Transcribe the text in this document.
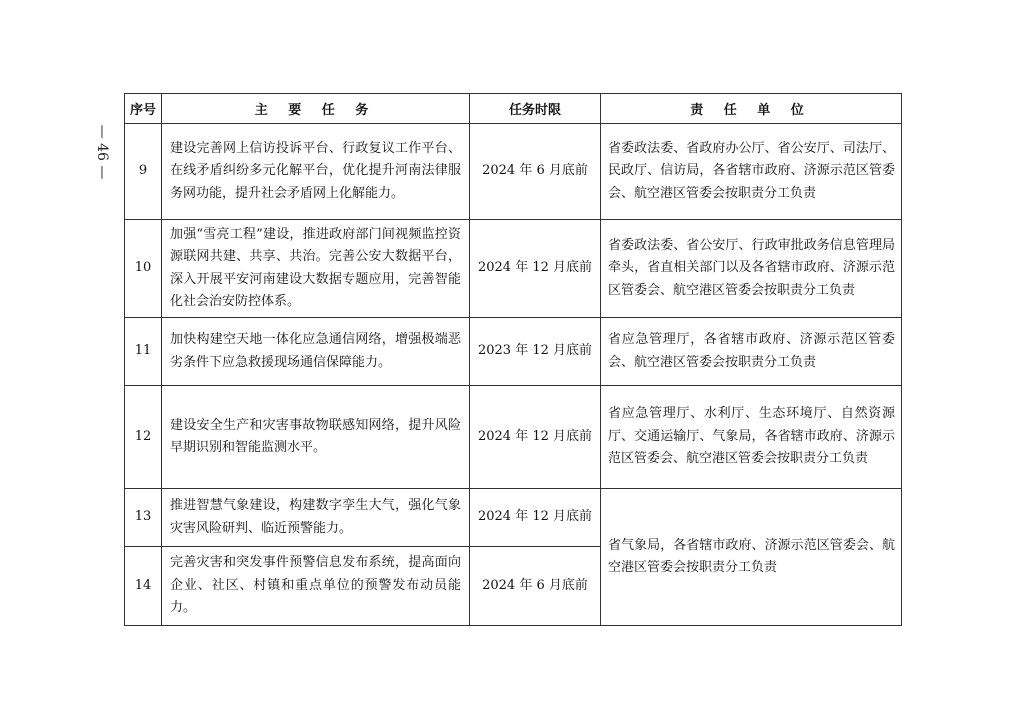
— 46 —
序号	主 要 任 务	任务时限	责 任 单 位
9	建设完善网上信访投诉平台、行政复议工作平台、在线矛盾纠纷多元化解平台，优化提升河南法律服务网功能，提升社会矛盾网上化解能力。	2024 年 6 月底前	省委政法委、省政府办公厅、省公安厅、司法厅、民政厅、信访局，各省辖市政府、济源示范区管委会、航空港区管委会按职责分工负责
10	加强“雪亮工程”建设，推进政府部门间视频监控资源联网共建、共享、共治。完善公安大数据平台，深入开展平安河南建设大数据专题应用，完善智能化社会治安防控体系。	2024 年 12 月底前	省委政法委、省公安厅、行政审批政务信息管理局牵头，省直相关部门以及各省辖市政府、济源示范区管委会、航空港区管委会按职责分工负责
11	加快构建空天地一体化应急通信网络，增强极端恶劣条件下应急救援现场通信保障能力。	2023 年 12 月底前	省应急管理厅，各省辖市政府、济源示范区管委会、航空港区管委会按职责分工负责
12	建设安全生产和灾害事故物联感知网络，提升风险早期识别和智能监测水平。	2024 年 12 月底前	省应急管理厅、水利厅、生态环境厅、自然资源厅、交通运输厅、气象局，各省辖市政府、济源示范区管委会、航空港区管委会按职责分工负责
13	推进智慧气象建设，构建数字孪生大气，强化气象灾害风险研判、临近预警能力。	2024 年 12 月底前	省气象局，各省辖市政府、济源示范区管委会、航空港区管委会按职责分工负责
14	完善灾害和突发事件预警信息发布系统，提高面向企业、社区、村镇和重点单位的预警发布动员能力。	2024 年 6 月底前	
